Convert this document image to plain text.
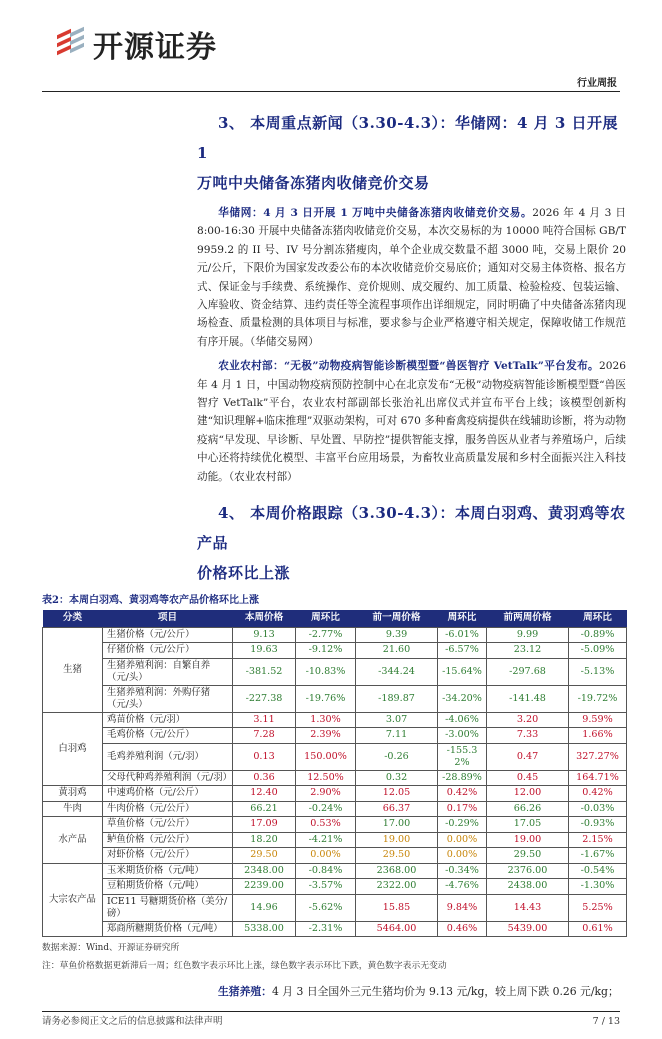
开源证券
行业周报
3、 本周重点新闻（3.30-4.3）：华储网：4 月 3 日开展 1
万吨中央储备冻猪肉收储竞价交易
华储网：4 月 3 日开展 1 万吨中央储备冻猪肉收储竞价交易。2026 年 4 月 3 日 8:00-16:30 开展中央储备冻猪肉收储竞价交易，本次交易标的为 10000 吨符合国标 GB/T 9959.2 的 II 号、IV 号分割冻猪瘦肉，单个企业成交数量不超 3000 吨，交易上限价 20 元/公斤，下限价为国家发改委公布的本次收储竞价交易底价；通知对交易主体资格、报名方式、保证金与手续费、系统操作、竞价规则、成交履约、加工质量、检验检疫、包装运输、入库验收、资金结算、违约责任等全流程事项作出详细规定，同时明确了中央储备冻猪肉现场检查、质量检测的具体项目与标准，要求参与企业严格遵守相关规定，保障收储工作规范有序开展。（华储交易网）
农业农村部：“无极”动物疫病智能诊断模型暨“兽医智疗 VetTalk”平台发布。2026 年 4 月 1 日，中国动物疫病预防控制中心在北京发布“无极”动物疫病智能诊断模型暨“兽医智疗 VetTalk”平台，农业农村部副部长张治礼出席仪式并宣布平台上线；该模型创新构建“知识理解+临床推理”双驱动架构，可对 670 多种畜禽疫病提供在线辅助诊断，将为动物疫病“早发现、早诊断、早处置、早防控”提供智能支撑，服务兽医从业者与养殖场户，后续中心还将持续优化模型、丰富平台应用场景，为畜牧业高质量发展和乡村全面振兴注入科技动能。（农业农村部）
4、 本周价格跟踪（3.30-4.3）：本周白羽鸡、黄羽鸡等农产品
价格环比上涨
表2：本周白羽鸡、黄羽鸡等农产品价格环比上涨
分类	项目	本周价格	周环比	前一周价格	周环比	前两周价格	周环比
生猪	生猪价格（元/公斤）	9.13	-2.77%	9.39	-6.01%	9.99	-0.89%
	仔猪价格（元/公斤）	19.63	-9.12%	21.60	-6.57%	23.12	-5.09%
	生猪养殖利润：自繁自养（元/头）	-381.52	-10.83%	-344.24	-15.64%	-297.68	-5.13%
	生猪养殖利润：外购仔猪（元/头）	-227.38	-19.76%	-189.87	-34.20%	-141.48	-19.72%
白羽鸡	鸡苗价格（元/羽）	3.11	1.30%	3.07	-4.06%	3.20	9.59%
	毛鸡价格（元/公斤）	7.28	2.39%	7.11	-3.00%	7.33	1.66%
	毛鸡养殖利润（元/羽）	0.13	150.00%	-0.26	-155.32%	0.47	327.27%
	父母代种鸡养殖利润（元/羽）	0.36	12.50%	0.32	-28.89%	0.45	164.71%
黄羽鸡	中速鸡价格（元/公斤）	12.40	2.90%	12.05	0.42%	12.00	0.42%
牛肉	牛肉价格（元/公斤）	66.21	-0.24%	66.37	0.17%	66.26	-0.03%
水产品	草鱼价格（元/公斤）	17.09	0.53%	17.00	-0.29%	17.05	-0.93%
	鲈鱼价格（元/公斤）	18.20	-4.21%	19.00	0.00%	19.00	2.15%
	对虾价格（元/公斤）	29.50	0.00%	29.50	0.00%	29.50	-1.67%
大宗农产品	玉米期货价格（元/吨）	2348.00	-0.84%	2368.00	-0.34%	2376.00	-0.54%
	豆粕期货价格（元/吨）	2239.00	-3.57%	2322.00	-4.76%	2438.00	-1.30%
	ICE11 号糖期货价格（美分/磅）	14.96	-5.62%	15.85	9.84%	14.43	5.25%
	郑商所糖期货价格（元/吨）	5338.00	-2.31%	5464.00	0.46%	5439.00	0.61%
数据来源：Wind、开源证券研究所
注：草鱼价格数据更新滞后一周；红色数字表示环比上涨，绿色数字表示环比下跌，黄色数字表示无变动
生猪养殖：4 月 3 日全国外三元生猪均价为 9.13 元/kg，较上周下跌 0.26 元/kg；
请务必参阅正文之后的信息披露和法律声明	7 / 13
